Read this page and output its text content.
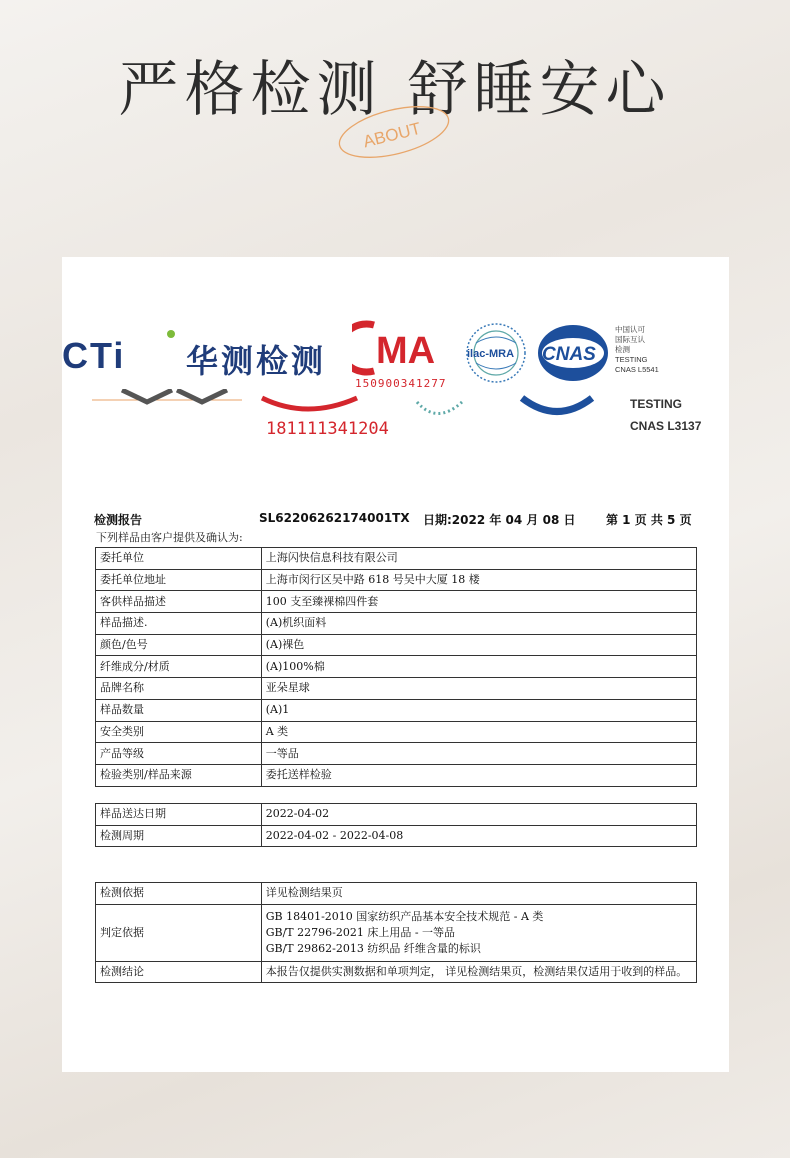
严格检测 舒睡安心
ABOUT
181111341204
TESTING
CNAS L3137
CTi 华测检测 MA
150900341277
ilac-MRA CNAS
中国认可
国际互认
检测
TESTING
CNAS L5541
检测报告	SL62206262174001TX 日期:2022 年 04 月 08 日	第 1 页 共 5 页
下列样品由客户提供及确认为:
委托单位	上海闪快信息科技有限公司
委托单位地址	上海市闵行区吴中路 618 号吴中大厦 18 楼
客供样品描述	100 支至臻裸棉四件套
样品描述.	(A)机织面料
颜色/色号	(A)裸色
纤维成分/材质	(A)100%棉
品牌名称	亚朵星球
样品数量	(A)1
安全类别	A 类
产品等级	一等品
检验类别/样品来源	委托送样检验
样品送达日期	2022-04-02
检测周期	2022-04-02 - 2022-04-08
检测依据	详见检测结果页
判定依据	GB 18401-2010 国家纺织产品基本安全技术规范 - A 类
GB/T 22796-2021 床上用品 - 一等品
GB/T 29862-2013 纺织品 纤维含量的标识

检测结论	本报告仅提供实测数据和单项判定， 详见检测结果页，检测结果仅适用于收到的样品。
